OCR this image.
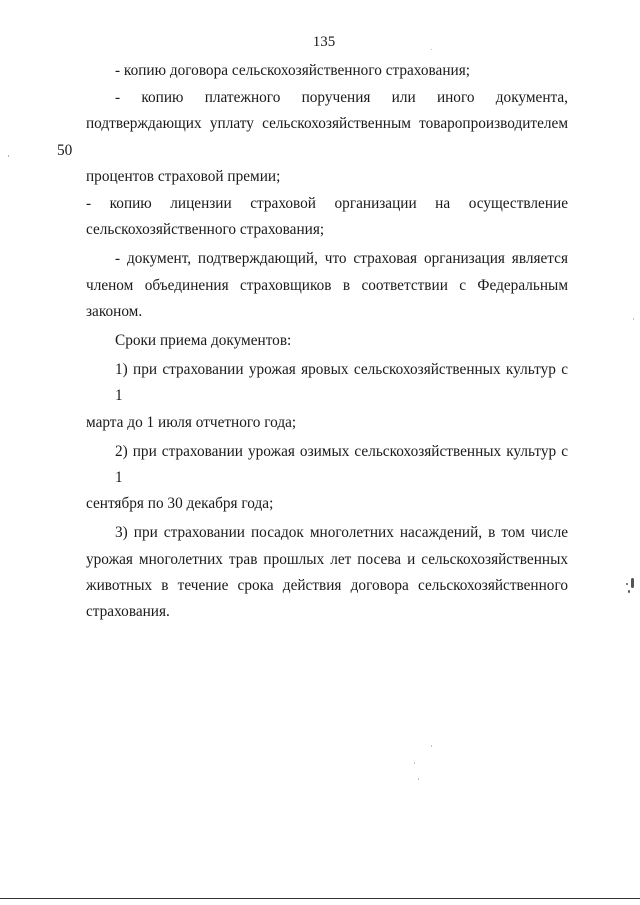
135

- копию договора сельскохозяйственного страхования;

- копию платежного поручения или иного документа,
подтверждающих уплату сельскохозяйственным товаропроизводителем 50
процентов страховой премии;

- копию лицензии страховой организации на осуществление
сельскохозяйственного страхования;

- документ, подтверждающий, что страховая организация является
членом объединения страховщиков в соответствии с Федеральным
законом.

Сроки приема документов:

1) при страховании урожая яровых сельскохозяйственных культур с 1
марта до 1 июля отчетного года;

2) при страховании урожая озимых сельскохозяйственных культур с 1
сентября по 30 декабря года;

3) при страховании посадок многолетних насаждений, в том числе
урожая многолетних трав прошлых лет посева и сельскохозяйственных
животных в течение срока действия договора сельскохозяйственного
страхования.
